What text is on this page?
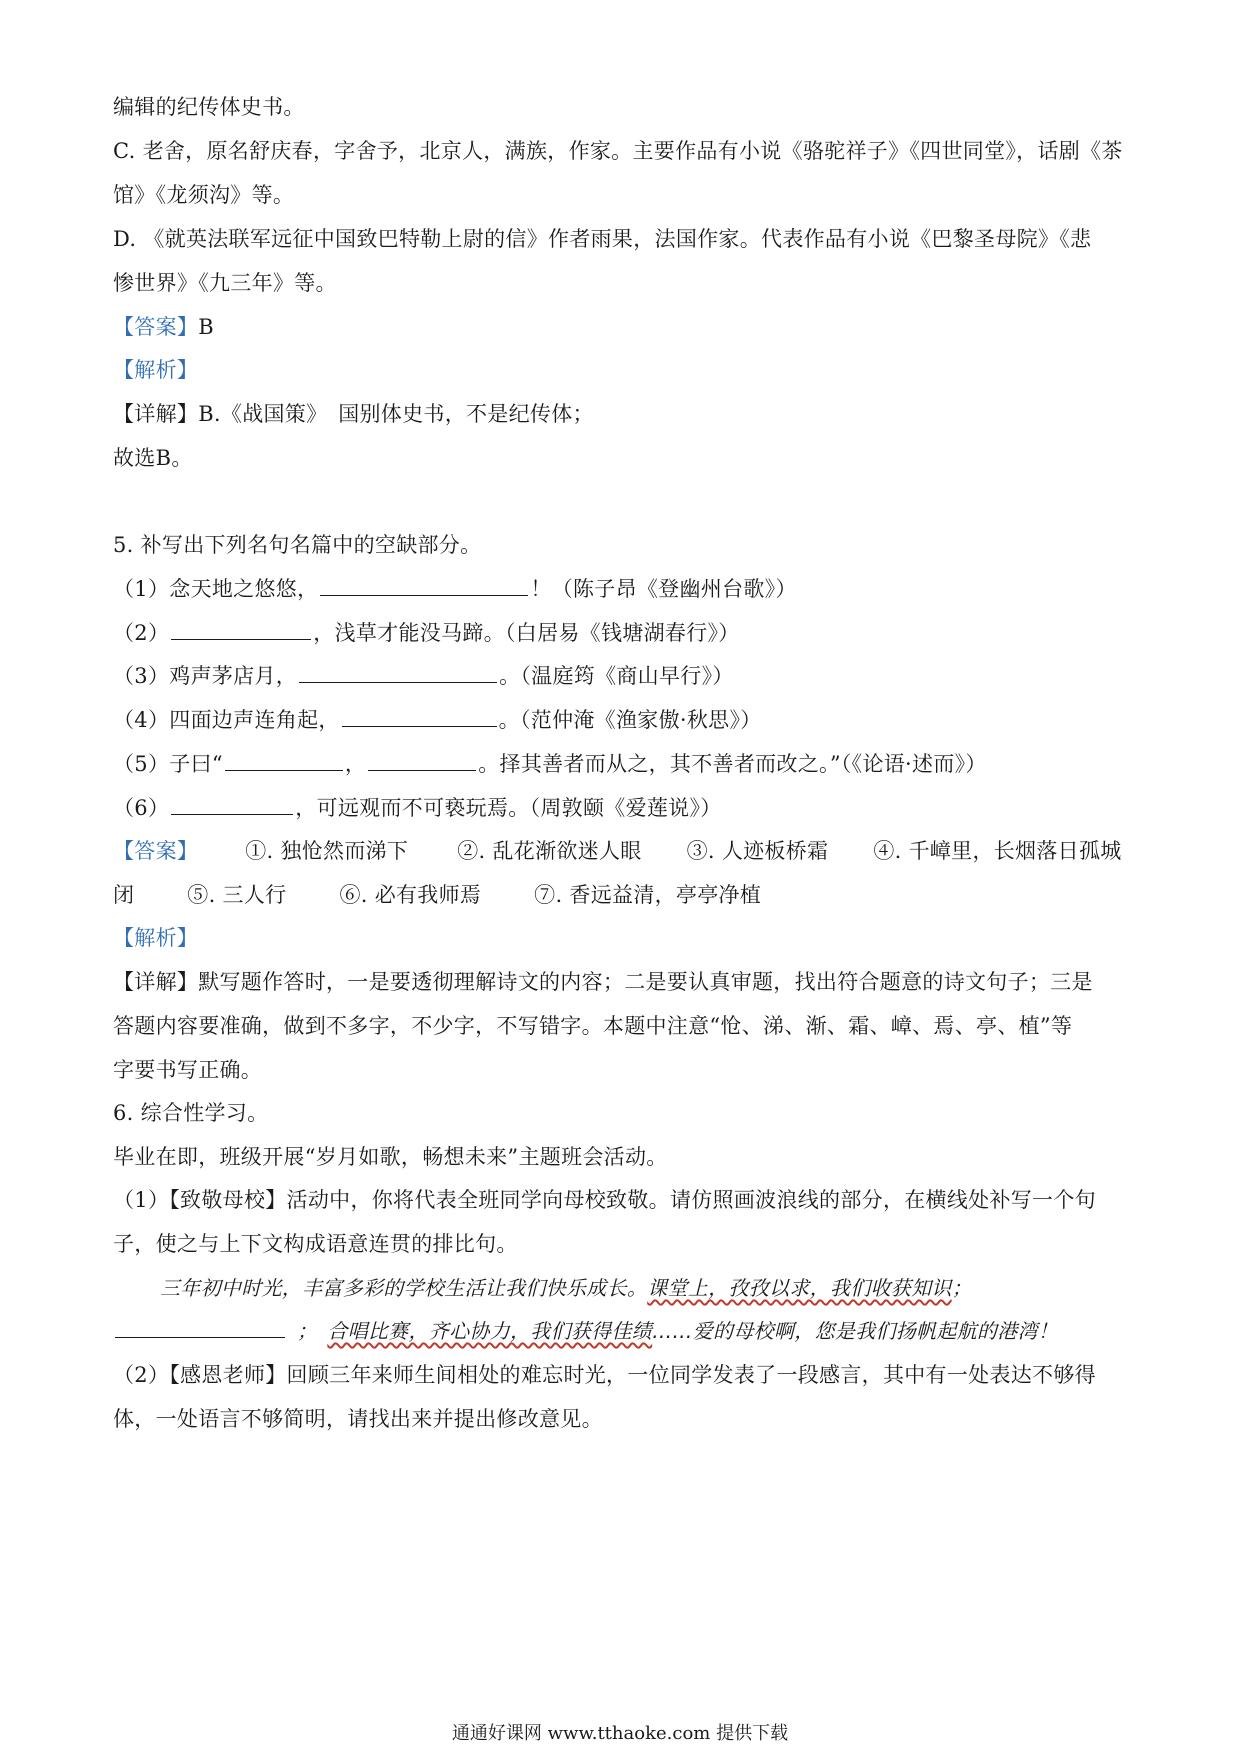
编辑的纪传体史书。
C. 老舍，原名舒庆春，字舍予，北京人，满族，作家。主要作品有小说《骆驼祥子》《四世同堂》，话剧《茶
馆》《龙须沟》等。
D. 《就英法联军远征中国致巴特勒上尉的信》作者雨果，法国作家。代表作品有小说《巴黎圣母院》《悲
惨世界》《九三年》等。
【答案】B
【解析】
【详解】B.《战国策》　国别体史书，不是纪传体；
故选B。
5. 补写出下列名句名篇中的空缺部分。
（1）念天地之悠悠，	！（陈子昂《登幽州台歌》）
（2）	，浅草才能没马蹄。（白居易《钱塘湖春行》）
（3）鸡声茅店月，	。（温庭筠《商山早行》）
（4）四面边声连角起，	。（范仲淹《渔家傲·秋思》）
（5）子曰“	，	。择其善者而从之，其不善者而改之。”（《论语·述而》）
（6）	，可远观而不可亵玩焉。（周敦颐《爱莲说》）
【答案】 ①. 独怆然而涕下 ②. 乱花渐欲迷人眼 ③. 人迹板桥霜 ④. 千嶂里，长烟落日孤城
闭	⑤. 三人行	⑥. 必有我师焉	⑦. 香远益清，亭亭净植
【解析】
【详解】默写题作答时，一是要透彻理解诗文的内容；二是要认真审题，找出符合题意的诗文句子；三是
答题内容要准确，做到不多字，不少字，不写错字。本题中注意“怆、涕、渐、霜、嶂、焉、亭、植”等
字要书写正确。
6. 综合性学习。
毕业在即，班级开展“岁月如歌，畅想未来”主题班会活动。
（1）【致敬母校】活动中，你将代表全班同学向母校致敬。请仿照画波浪线的部分，在横线处补写一个句
子，使之与上下文构成语意连贯的排比句。
三年初中时光，丰富多彩的学校生活让我们快乐成长。课堂上，孜孜以求，我们收获知识；
； 合唱比赛，齐心协力，我们获得佳绩……爱的母校啊，您是我们扬帆起航的港湾！
（2）【感恩老师】回顾三年来师生间相处的难忘时光，一位同学发表了一段感言，其中有一处表达不够得
体，一处语言不够简明，请找出来并提出修改意见。
通通好课网 www.tthaoke.com 提供下载
